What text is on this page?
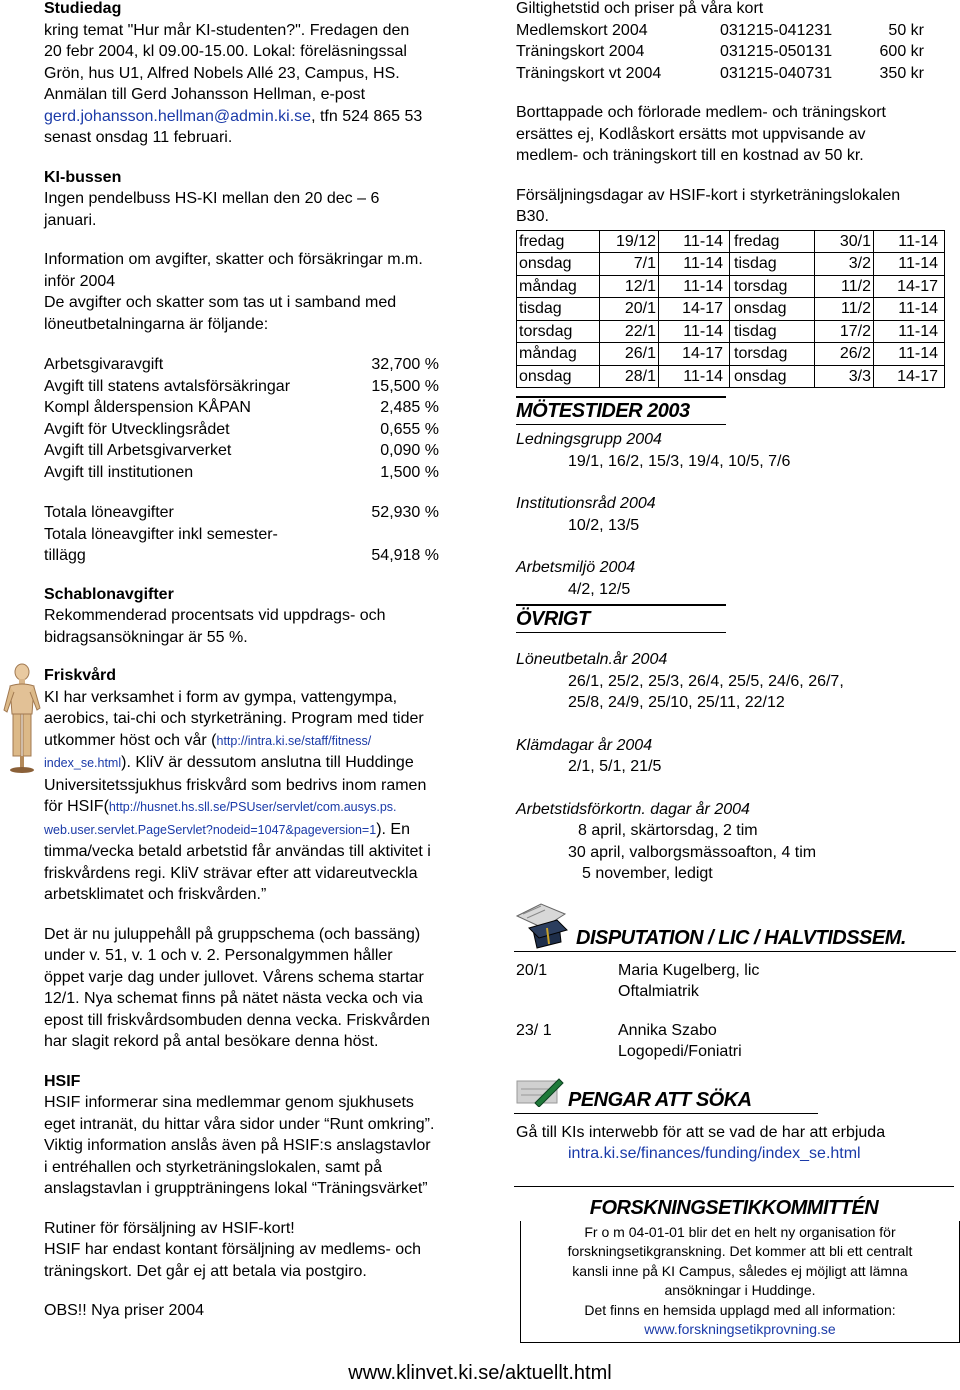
Studiedag

kring temat "Hur mår KI-studenten?". Fredagen den

20 febr 2004, kl 09.00-15.00. Lokal: föreläsningssal

Grön, hus U1, Alfred Nobels Allé 23, Campus, HS.

Anmälan till Gerd Johansson Hellman, e-post

gerd.johansson.hellman@admin.ki.se, tfn 524 865 53

senast onsdag 11 februari.

KI-bussen

Ingen pendelbuss HS-KI mellan den 20 dec – 6

januari.

Information om avgifter, skatter och försäkringar m.m.

inför 2004

De avgifter och skatter som tas ut i samband med

löneutbetalningarna är följande:

Arbetsgivaravgift	32,700 %
Avgift till statens avtalsförsäkringar	15,500 %
Kompl ålderspension KÅPAN	2,485 %
Avgift för Utvecklingsrådet	0,655 %
Avgift till Arbetsgivarverket	0,090 %
Avgift till institutionen	1,500 %
Totala löneavgifter	52,930 %

Totala löneavgifter inkl semester-

tillägg	54,918 %

Schablonavgifter

Rekommenderad procentsats vid uppdrags- och

bidragsansökningar är 55 %.

Friskvård

KI har verksamhet i form av gympa, vattengympa,

aerobics, tai-chi och styrketräning. Program med tider

utkommer höst och vår (http://intra.ki.se/staff/fitness/

index_se.html). KliV är dessutom anslutna till Huddinge

Universitetssjukhus friskvård som bedrivs inom ramen

för HSIF(http://husnet.hs.sll.se/PSUser/servlet/com.ausys.ps.

web.user.servlet.PageServlet?nodeid=1047&pageversion=1). En

timma/vecka betald arbetstid får användas till aktivitet i

friskvårdens regi. KliV strävar efter att vidareutveckla

arbetsklimatet och friskvården.”

Det är nu juluppehåll på gruppschema (och bassäng)

under v. 51, v. 1 och v. 2. Personalgymmen håller

öppet varje dag under jullovet. Vårens schema startar

12/1. Nya schemat finns på nätet nästa vecka och via

epost till friskvårdsombuden denna vecka. Friskvården

har slagit rekord på antal besökare denna höst.

HSIF

HSIF informerar sina medlemmar genom sjukhusets

eget intranät, du hittar våra sidor under “Runt omkring”.

Viktig information anslås även på HSIF:s anslagstavlor

i entréhallen och styrketräningslokalen, samt på

anslagstavlan i gruppträningens lokal “Träningsvärket”

Rutiner för försäljning av HSIF-kort!

HSIF har endast kontant försäljning av medlems- och

träningskort. Det går ej att betala via postgiro.

OBS!! Nya priser 2004

Giltighetstid och priser på våra kort

Medlemskort 2004	031215-041231	50 kr
Träningskort 2004	031215-050131	600 kr
Träningskort vt 2004	031215-040731	350 kr

Borttappade och förlorade medlem- och träningskort

ersättes ej, Kodlåskort ersätts mot uppvisande av

medlem- och träningskort till en kostnad av 50 kr.

Försäljningsdagar av HSIF-kort i styrketräningslokalen

B30.

fredag	19/12	11-14	fredag	30/1	11-14
onsdag	7/1	11-14	tisdag	3/2	11-14
måndag	12/1	11-14	torsdag	11/2	14-17
tisdag	20/1	14-17	onsdag	11/2	11-14
torsdag	22/1	11-14	tisdag	17/2	11-14
måndag	26/1	14-17	torsdag	26/2	11-14
onsdag	28/1	11-14	onsdag	3/3	14-17

MÖTESTIDER 2003

Ledningsgrupp 2004

19/1, 16/2, 15/3, 19/4, 10/5, 7/6

Institutionsråd 2004

10/2, 13/5

Arbetsmiljö 2004

4/2, 12/5

ÖVRIGT

Löneutbetaln.år 2004

26/1, 25/2, 25/3, 26/4, 25/5, 24/6, 26/7,

25/8, 24/9, 25/10, 25/11, 22/12

Klämdagar år 2004

2/1, 5/1, 21/5

Arbetstidsförkortn. dagar år 2004

8 april, skärtorsdag, 2 tim

30 april, valborgsmässoafton, 4 tim

5 november, ledigt

DISPUTATION / LIC / HALVTIDSSEM.

20/1	Maria Kugelberg, lic

Oftalmiatrik

23/ 1	Annika Szabo

Logopedi/Foniatri

PENGAR ATT SÖKA

Gå till KIs interwebb för att se vad de har att erbjuda

intra.ki.se/finances/funding/index_se.html

FORSKNINGSETIKKOMMITTÉN

Fr o m 04-01-01 blir det en helt ny organisation för

forskningsetikgranskning. Det kommer att bli ett centralt

kansli inne på KI Campus, således ej möjligt att lämna

ansökningar i Huddinge.

Det finns en hemsida upplagd med all information:

www.forskningsetikprovning.se

www.klinvet.ki.se/aktuellt.html
